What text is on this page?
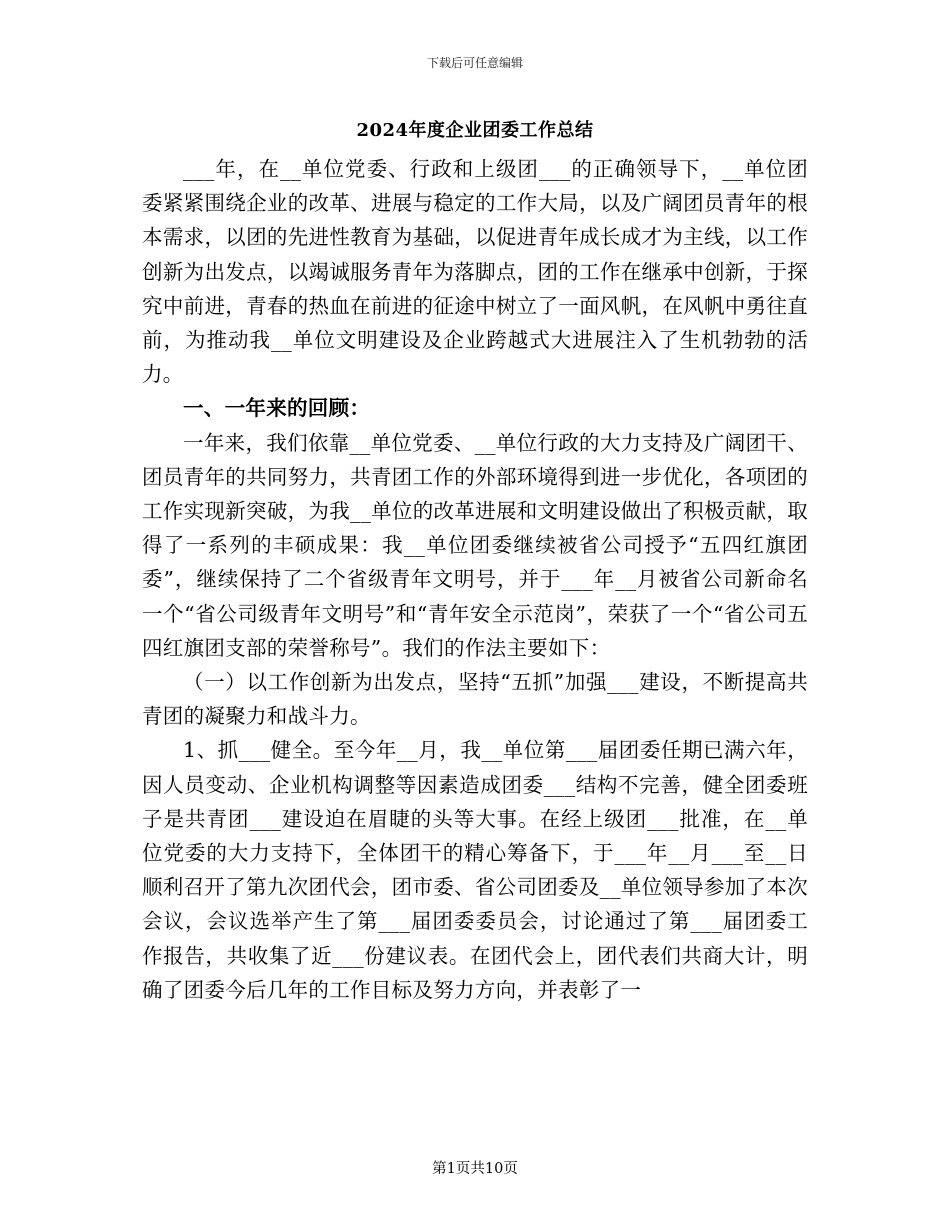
下载后可任意编辑
2024年度企业团委工作总结

___年，在__单位党委、行政和上级团___的正确领导下，__单位团委紧紧围绕企业的改革、进展与稳定的工作大局，以及广阔团员青年的根本需求，以团的先进性教育为基础，以促进青年成长成才为主线，以工作创新为出发点，以竭诚服务青年为落脚点，团的工作在继承中创新，于探究中前进，青春的热血在前进的征途中树立了一面风帆，在风帆中勇往直前，为推动我__单位文明建设及企业跨越式大进展注入了生机勃勃的活力。

一、一年来的回顾：

一年来，我们依靠__单位党委、__单位行政的大力支持及广阔团干、团员青年的共同努力，共青团工作的外部环境得到进一步优化，各项团的工作实现新突破，为我__单位的改革进展和文明建设做出了积极贡献，取得了一系列的丰硕成果：我__单位团委继续被省公司授予“五四红旗团委”，继续保持了二个省级青年文明号，并于___年__月被省公司新命名一个“省公司级青年文明号”和“青年安全示范岗”，荣获了一个“省公司五四红旗团支部的荣誉称号”。我们的作法主要如下：

（一）以工作创新为出发点，坚持“五抓”加强___建设，不断提高共青团的凝聚力和战斗力。

1、抓___健全。至今年__月，我__单位第___届团委任期已满六年，因人员变动、企业机构调整等因素造成团委___结构不完善，健全团委班子是共青团___建设迫在眉睫的头等大事。在经上级团___批准，在__单位党委的大力支持下，全体团干的精心筹备下，于___年__月___至__日顺利召开了第九次团代会，团市委、省公司团委及__单位领导参加了本次会议，会议选举产生了第___届团委委员会，讨论通过了第___届团委工作报告，共收集了近___份建议表。在团代会上，团代表们共商大计，明确了团委今后几年的工作目标及努力方向，并表彰了一

第1页共10页
